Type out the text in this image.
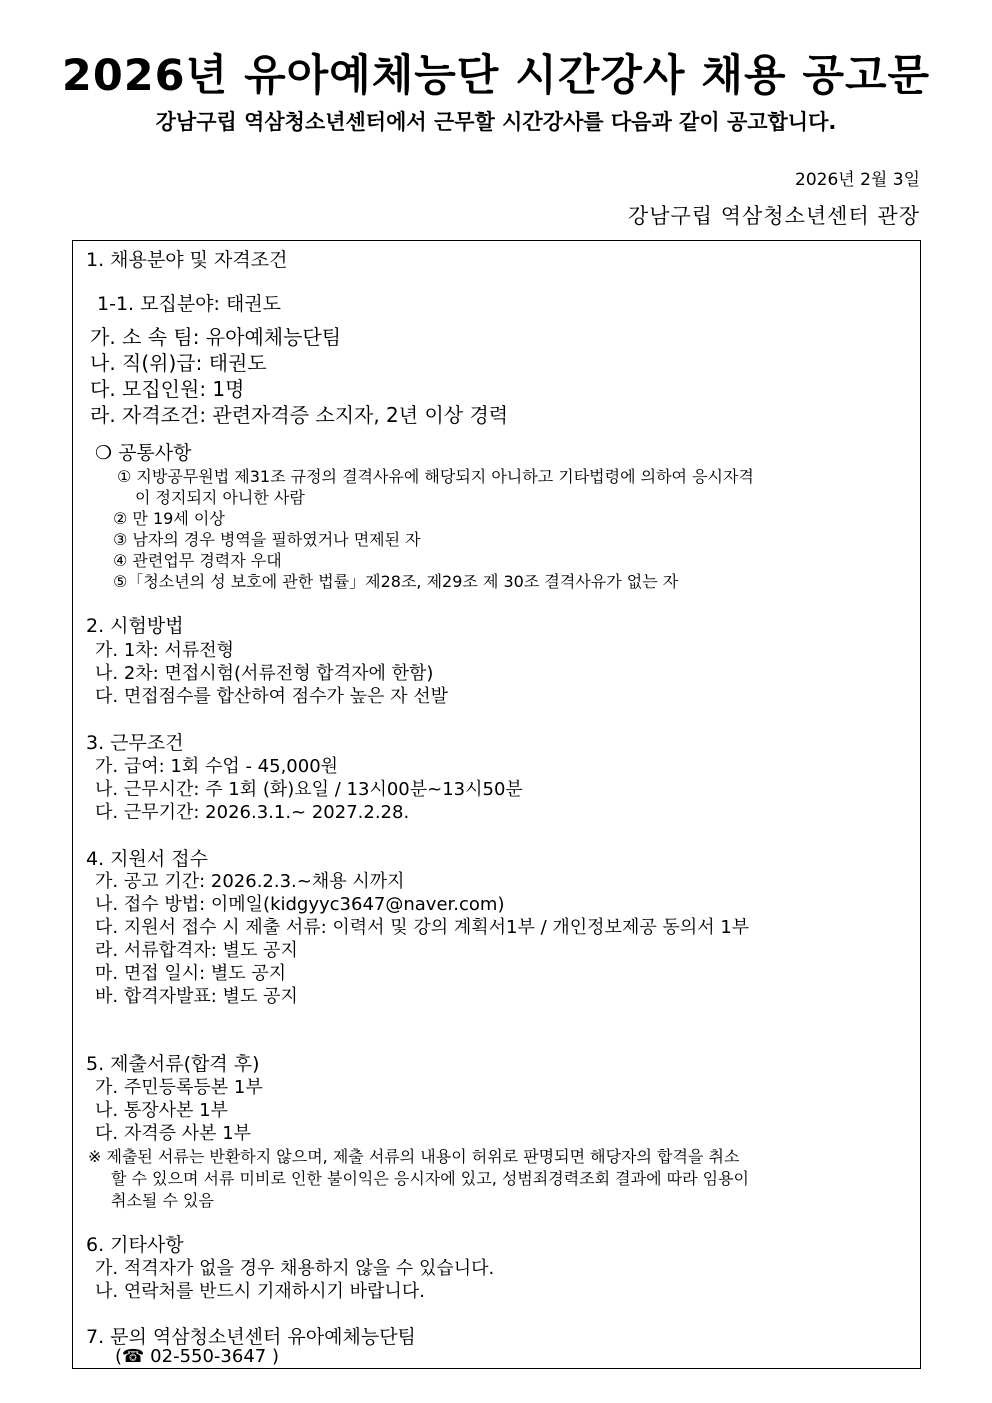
2026년 유아예체능단 시간강사 채용 공고문
강남구립 역삼청소년센터에서 근무할 시간강사를 다음과 같이 공고합니다.
2026년 2월 3일
강남구립 역삼청소년센터 관장
1. 채용분야 및 자격조건
1-1. 모집분야: 태권도
가. 소 속 팀: 유아예체능단팀
나. 직(위)급: 태권도
다. 모집인원: 1명
라. 자격조건: 관련자격증 소지자, 2년 이상 경력
❍ 공통사항
① 지방공무원법 제31조 규정의 결격사유에 해당되지 아니하고 기타법령에 의하여 응시자격
이 정지되지 아니한 사람
② 만 19세 이상
③ 남자의 경우 병역을 필하였거나 면제된 자
④ 관련업무 경력자 우대
⑤「청소년의 성 보호에 관한 법률」제28조, 제29조 제 30조 결격사유가 없는 자
2. 시험방법
가. 1차: 서류전형
나. 2차: 면접시험(서류전형 합격자에 한함)
다. 면접점수를 합산하여 점수가 높은 자 선발
3. 근무조건
가. 급여: 1회 수업 - 45,000원
나. 근무시간: 주 1회 (화)요일 / 13시00분~13시50분
다. 근무기간: 2026.3.1.~ 2027.2.28.
4. 지원서 접수
가. 공고 기간: 2026.2.3.~채용 시까지
나. 접수 방법: 이메일(kidgyyc3647@naver.com)
다. 지원서 접수 시 제출 서류: 이력서 및 강의 계획서1부 / 개인정보제공 동의서 1부
라. 서류합격자: 별도 공지
마. 면접 일시: 별도 공지
바. 합격자발표: 별도 공지
5. 제출서류(합격 후)
가. 주민등록등본 1부
나. 통장사본 1부
다. 자격증 사본 1부
※ 제출된 서류는 반환하지 않으며, 제출 서류의 내용이 허위로 판명되면 해당자의 합격을 취소
할 수 있으며 서류 미비로 인한 불이익은 응시자에 있고, 성범죄경력조회 결과에 따라 임용이
취소될 수 있음
6. 기타사항
가. 적격자가 없을 경우 채용하지 않을 수 있습니다.
나. 연락처를 반드시 기재하시기 바랍니다.
7. 문의 역삼청소년센터 유아예체능단팀
(☎ 02-550-3647 )
